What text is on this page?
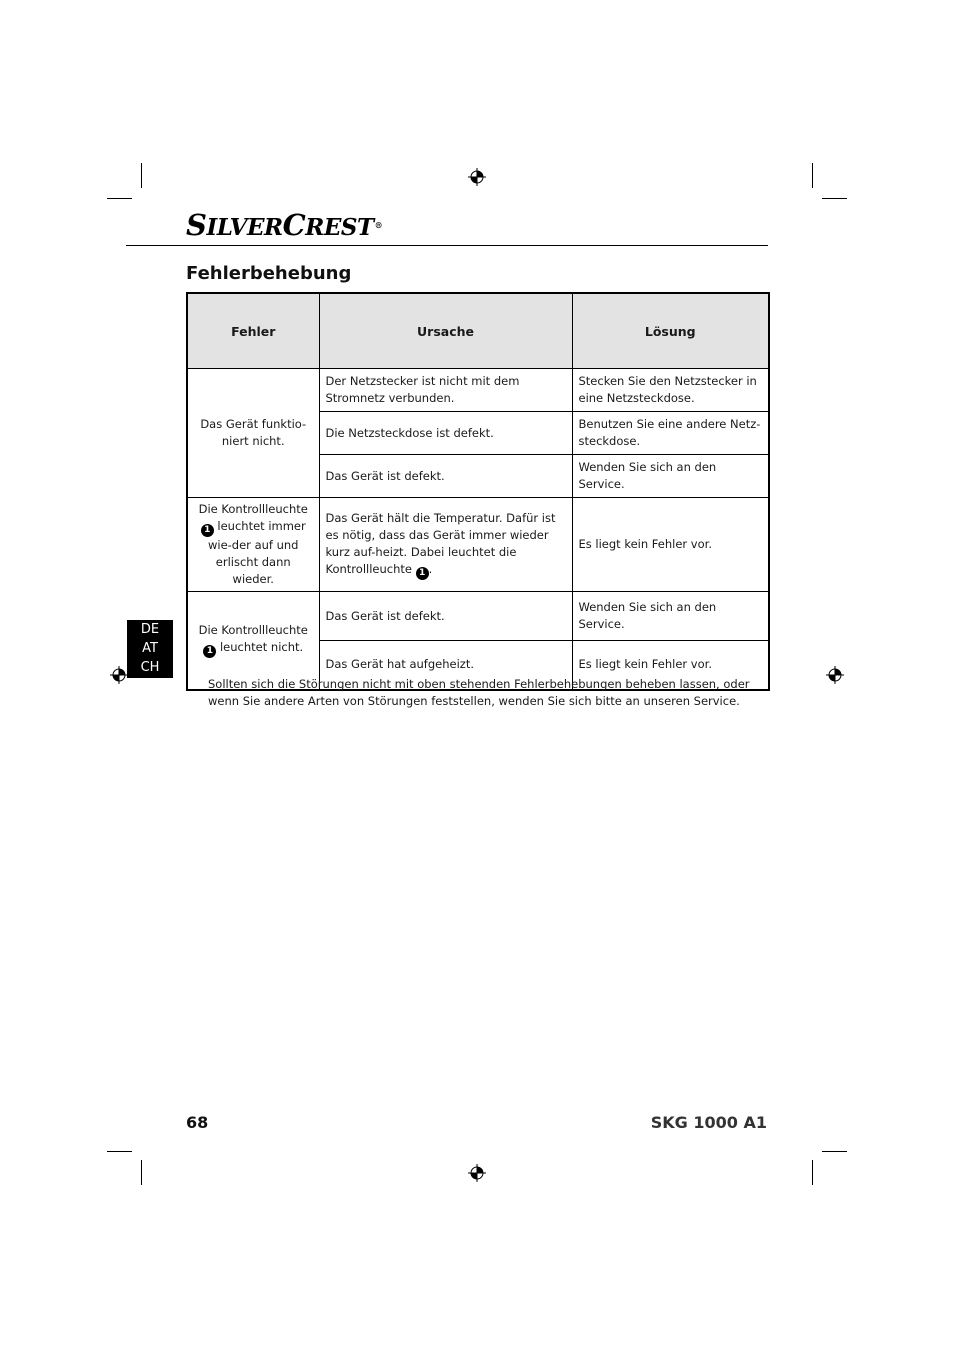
SILVERCREST®
Fehlerbehebung
Fehler	Ursache	Lösung
Das Gerät funktio-niert nicht.	Der Netzstecker ist nicht mit dem Stromnetz verbunden.	Stecken Sie den Netzstecker in eine Netzsteckdose.
	Die Netzsteckdose ist defekt.	Benutzen Sie eine andere Netz-steckdose.
	Das Gerät ist defekt.	Wenden Sie sich an den Service.
Die Kontrollleuchte 1 leuchtet immer wie-der auf und erlischt dann wieder.	Das Gerät hält die Temperatur. Dafür ist es nötig, dass das Gerät immer wieder kurz auf-heizt. Dabei leuchtet die Kontrollleuchte 1 .	Es liegt kein Fehler vor.
Die Kontrollleuchte 1 leuchtet nicht.	Das Gerät ist defekt.	Wenden Sie sich an den Service.
	Das Gerät hat aufgeheizt.	Es liegt kein Fehler vor.
Sollten sich die Störungen nicht mit oben stehenden Fehlerbehebungen beheben lassen, oder wenn Sie andere Arten von Störungen feststellen, wenden Sie sich bitte an unseren Service.
DE
AT
CH
68	SKG 1000 A1
